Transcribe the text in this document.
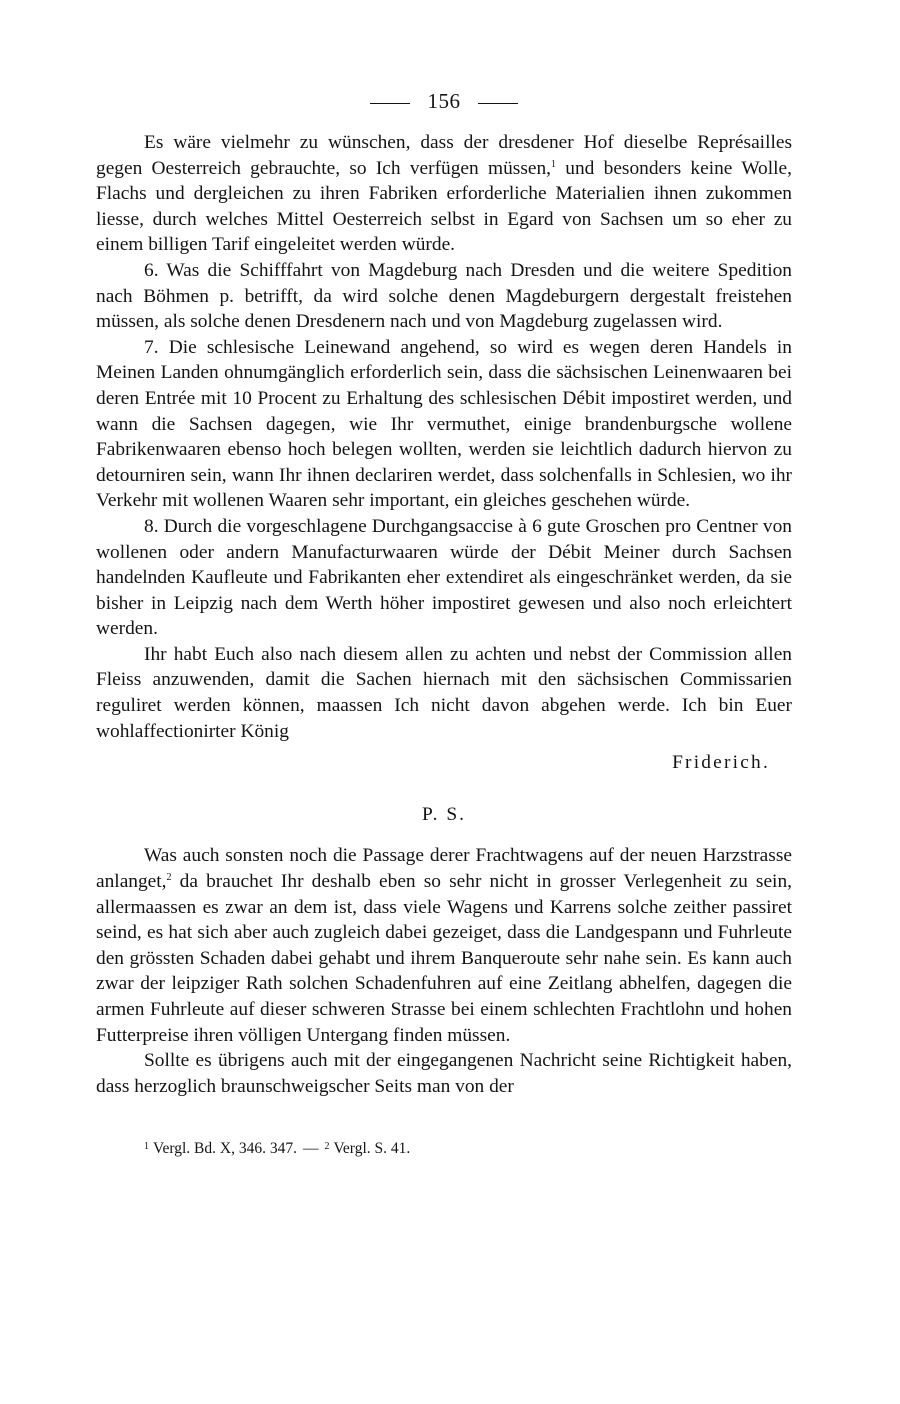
156

Es wäre vielmehr zu wünschen, dass der dresdener Hof dieselbe Représailles gegen Oesterreich gebrauchte, so Ich verfügen müssen,$^1$ und besonders keine Wolle, Flachs und dergleichen zu ihren Fabriken erforderliche Materialien ihnen zukommen liesse, durch welches Mittel Oesterreich selbst in Egard von Sachsen um so eher zu einem billigen Tarif eingeleitet werden würde.

6. Was die Schifffahrt von Magdeburg nach Dresden und die weitere Spedition nach Böhmen p. betrifft, da wird solche denen Magdeburgern dergestalt freistehen müssen, als solche denen Dresdenern nach und von Magdeburg zugelassen wird.

7. Die schlesische Leinewand angehend, so wird es wegen deren Handels in Meinen Landen ohnumgänglich erforderlich sein, dass die sächsischen Leinenwaaren bei deren Entrée mit 10 Procent zu Erhaltung des schlesischen Débit impostiret werden, und wann die Sachsen dagegen, wie Ihr vermuthet, einige brandenburgsche wollene Fabrikenwaaren ebenso hoch belegen wollten, werden sie leichtlich dadurch hiervon zu detourniren sein, wann Ihr ihnen declariren werdet, dass solchenfalls in Schlesien, wo ihr Verkehr mit wollenen Waaren sehr important, ein gleiches geschehen würde.

8. Durch die vorgeschlagene Durchgangsaccise à 6 gute Groschen pro Centner von wollenen oder andern Manufacturwaaren würde der Débit Meiner durch Sachsen handelnden Kaufleute und Fabrikanten eher extendiret als eingeschränket werden, da sie bisher in Leipzig nach dem Werth höher impostiret gewesen und also noch erleichtert werden.

Ihr habt Euch also nach diesem allen zu achten und nebst der Commission allen Fleiss anzuwenden, damit die Sachen hiernach mit den sächsischen Commissarien reguliret werden können, maassen Ich nicht davon abgehen werde. Ich bin Euer wohlaffectionirter König

Friderich.
P. S.

Was auch sonsten noch die Passage derer Frachtwagens auf der neuen Harzstrasse anlanget,$^2$ da brauchet Ihr deshalb eben so sehr nicht in grosser Verlegenheit zu sein, allermaassen es zwar an dem ist, dass viele Wagens und Karrens solche zeither passiret seind, es hat sich aber auch zugleich dabei gezeiget, dass die Landgespann und Fuhrleute den grössten Schaden dabei gehabt und ihrem Banqueroute sehr nahe sein. Es kann auch zwar der leipziger Rath solchen Schadenfuhren auf eine Zeitlang abhelfen, dagegen die armen Fuhrleute auf dieser schweren Strasse bei einem schlechten Frachtlohn und hohen Futterpreise ihren völligen Untergang finden müssen.

Sollte es übrigens auch mit der eingegangenen Nachricht seine Richtigkeit haben, dass herzoglich braunschweigscher Seits man von der

$^1$ Vergl. Bd. X, 346. 347. — $^2$ Vergl. S. 41.
